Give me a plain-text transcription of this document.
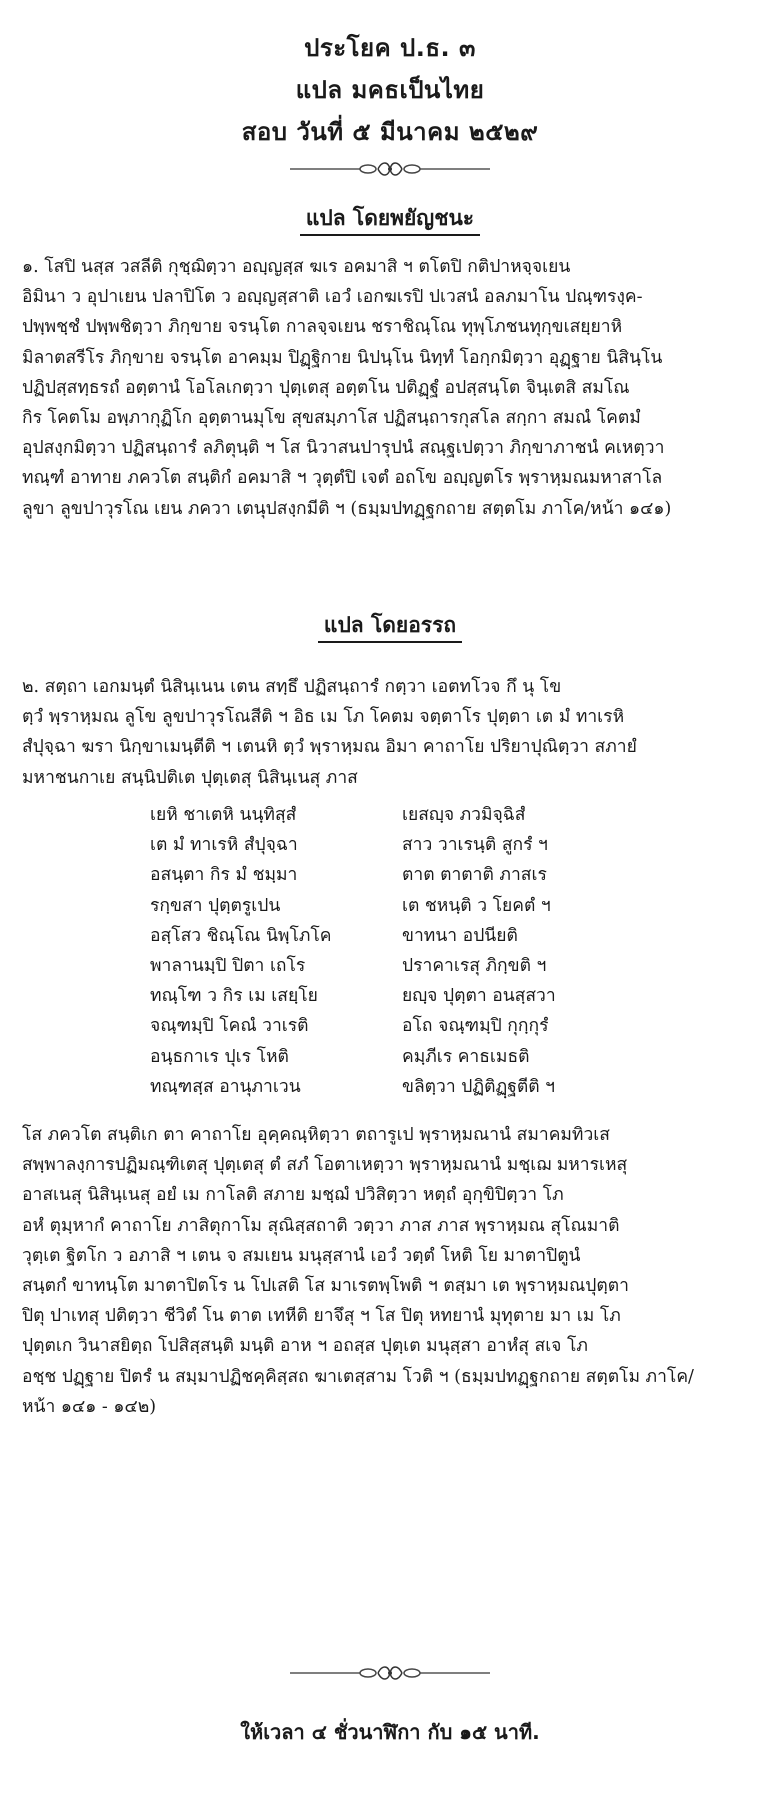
ประโยค ป.ธ. ๓
แปล มคธเป็นไทย
สอบ วันที่ ๕ มีนาคม ๒๕๒๙
แปล โดยพยัญชนะ
๑. โสปิ นสฺส วสลีติ กุชฺฌิตฺวา อญฺญสฺส ฆเร อคมาสิ ฯ ตโตปิ กติปาหจฺจเยน
อิมินา ว อุปาเยน ปลาปิโต ว อญฺญสฺสาติ เอวํ เอกฆเรปิ ปเวสนํ อลภมาโน ปณฺฑรงฺค-
ปพฺพชฺชํ ปพฺพชิตฺวา ภิกฺขาย จรนฺโต กาลจฺจเยน ชราชิณฺโณ ทุพฺโภชนทุกฺขเสยฺยาหิ
มิลาตสรีโร ภิกฺขาย จรนฺโต อาคมฺม ปิฏฺฐิกาย นิปนฺโน นิทฺทํ โอกฺกมิตฺวา อุฏฺฐาย นิสินฺโน
ปฏิปสฺสทฺธรถํ อตฺตานํ โอโลเกตฺวา ปุตฺเตสุ อตฺตโน ปติฏฺฐํ อปสฺสนฺโต จินฺเตสิ สมโณ
กิร โคตโม อพฺภากุฏิโก อุตฺตานมุโข สุขสมฺภาโส ปฏิสนฺถารกุสโล สกฺกา สมณํ โคตมํ
อุปสงฺกมิตฺวา ปฏิสนฺถารํ ลภิตุนฺติ ฯ โส นิวาสนปารุปนํ สณฺฐเปตฺวา ภิกฺขาภาชนํ คเหตฺวา
ทณฺฑํ อาทาย ภควโต สนฺติกํ อคมาสิ ฯ วุตฺตํปิ เจตํ อถโข อญฺญตโร พฺราหฺมณมหาสาโล
ลูขา ลูขปาวุรโณ เยน ภควา เตนุปสงฺกมีติ ฯ (ธมฺมปทฏฺฐกถาย สตฺตโม ภาโค/หน้า ๑๔๑)
แปล โดยอรรถ
๒. สตฺถา เอกมนฺตํ นิสินฺเนน เตน สทฺธึ ปฏิสนฺถารํ กตฺวา เอตทโวจ กึ นุ โข
ตฺวํ พฺราหฺมณ ลูโข ลูขปาวุรโณสีติ ฯ อิธ เม โภ โคตม จตฺตาโร ปุตฺตา เต มํ ทาเรหิ
สํปุจฺฉา ฆรา นิกฺขาเมนฺตีติ ฯ เตนหิ ตฺวํ พฺราหฺมณ อิมา คาถาโย ปริยาปุณิตฺวา สภายํ
มหาชนกาเย สนฺนิปติเต ปุตฺเตสุ นิสินฺเนสุ ภาส
เยหิ ชาเตหิ นนฺทิสฺสํ
เต มํ ทาเรหิ สํปุจฺฉา
อสนฺตา กิร มํ ชมฺมา
รกฺขสา ปุตฺตรูเปน
อสฺโสว ชิณฺโณ นิพฺโภโค
พาลานมฺปิ ปิตา เถโร
ทณฺโฑ ว กิร เม เสยฺโย
จณฺฑมฺปิ โคณํ วาเรติ
อนฺธกาเร ปุเร โหติ
ทณฺฑสฺส อานุภาเวน
เยสญฺจ ภวมิจฺฉิสํ
สาว วาเรนฺติ สูกรํ ฯ
ตาต ตาตาติ ภาสเร
เต ชหนฺติ ว โยคตํ ฯ
ขาทนา อปนียติ
ปราคาเรสุ ภิกฺขติ ฯ
ยญฺจ ปุตฺตา อนสฺสวา
อโถ จณฺฑมฺปิ กุกฺกุรํ
คมฺภีเร คาธเมธติ
ขลิตฺวา ปฏิติฏฺฐตีติ ฯ
โส ภควโต สนฺติเก ตา คาถาโย อุคฺคณฺหิตฺวา ตถารูเป พฺราหฺมณานํ สมาคมทิวเส
สพฺพาลงฺการปฏิมณฺฑิเตสุ ปุตฺเตสุ ตํ สภํ โอตาเหตฺวา พฺราหฺมณานํ มชฺเฌ มหารเหสุ
อาสเนสุ นิสินฺเนสุ อยํ เม กาโลติ สภาย มชฺฌํ ปวิสิตฺวา หตฺถํ อุกฺขิปิตฺวา โภ
อหํ ตุมฺหากํ คาถาโย ภาสิตุกาโม สุณิสฺสถาติ วตฺวา ภาส ภาส พฺราหฺมณ สุโณมาติ
วุตฺเต ฐิตโก ว อภาสิ ฯ เตน จ สมเยน มนุสฺสานํ เอวํ วตฺตํ โหติ โย มาตาปิตูนํ
สนฺตกํ ขาทนฺโต มาตาปิตโร น โปเสติ โส มาเรตพฺโพติ ฯ ตสฺมา เต พฺราหฺมณปุตฺตา
ปิตุ ปาเทสุ ปติตฺวา ชีวิตํ โน ตาต เทหีติ ยาจึสุ ฯ โส ปิตุ หทยานํ มุทุตาย มา เม โภ
ปุตฺตเก วินาสยิตฺถ โปสิสฺสนฺติ มนฺติ อาห ฯ อถสฺส ปุตฺเต มนุสฺสา อาหํสุ สเจ โภ
อชฺช ปฏฺฐาย ปิตรํ น สมฺมาปฏิชคฺคิสฺสถ ฆาเตสฺสาม โวติ ฯ (ธมฺมปทฏฺฐกถาย สตฺตโม ภาโค/
หน้า ๑๔๑ - ๑๔๒)
ให้เวลา ๔ ชั่วนาฬิกา กับ ๑๕ นาที.
